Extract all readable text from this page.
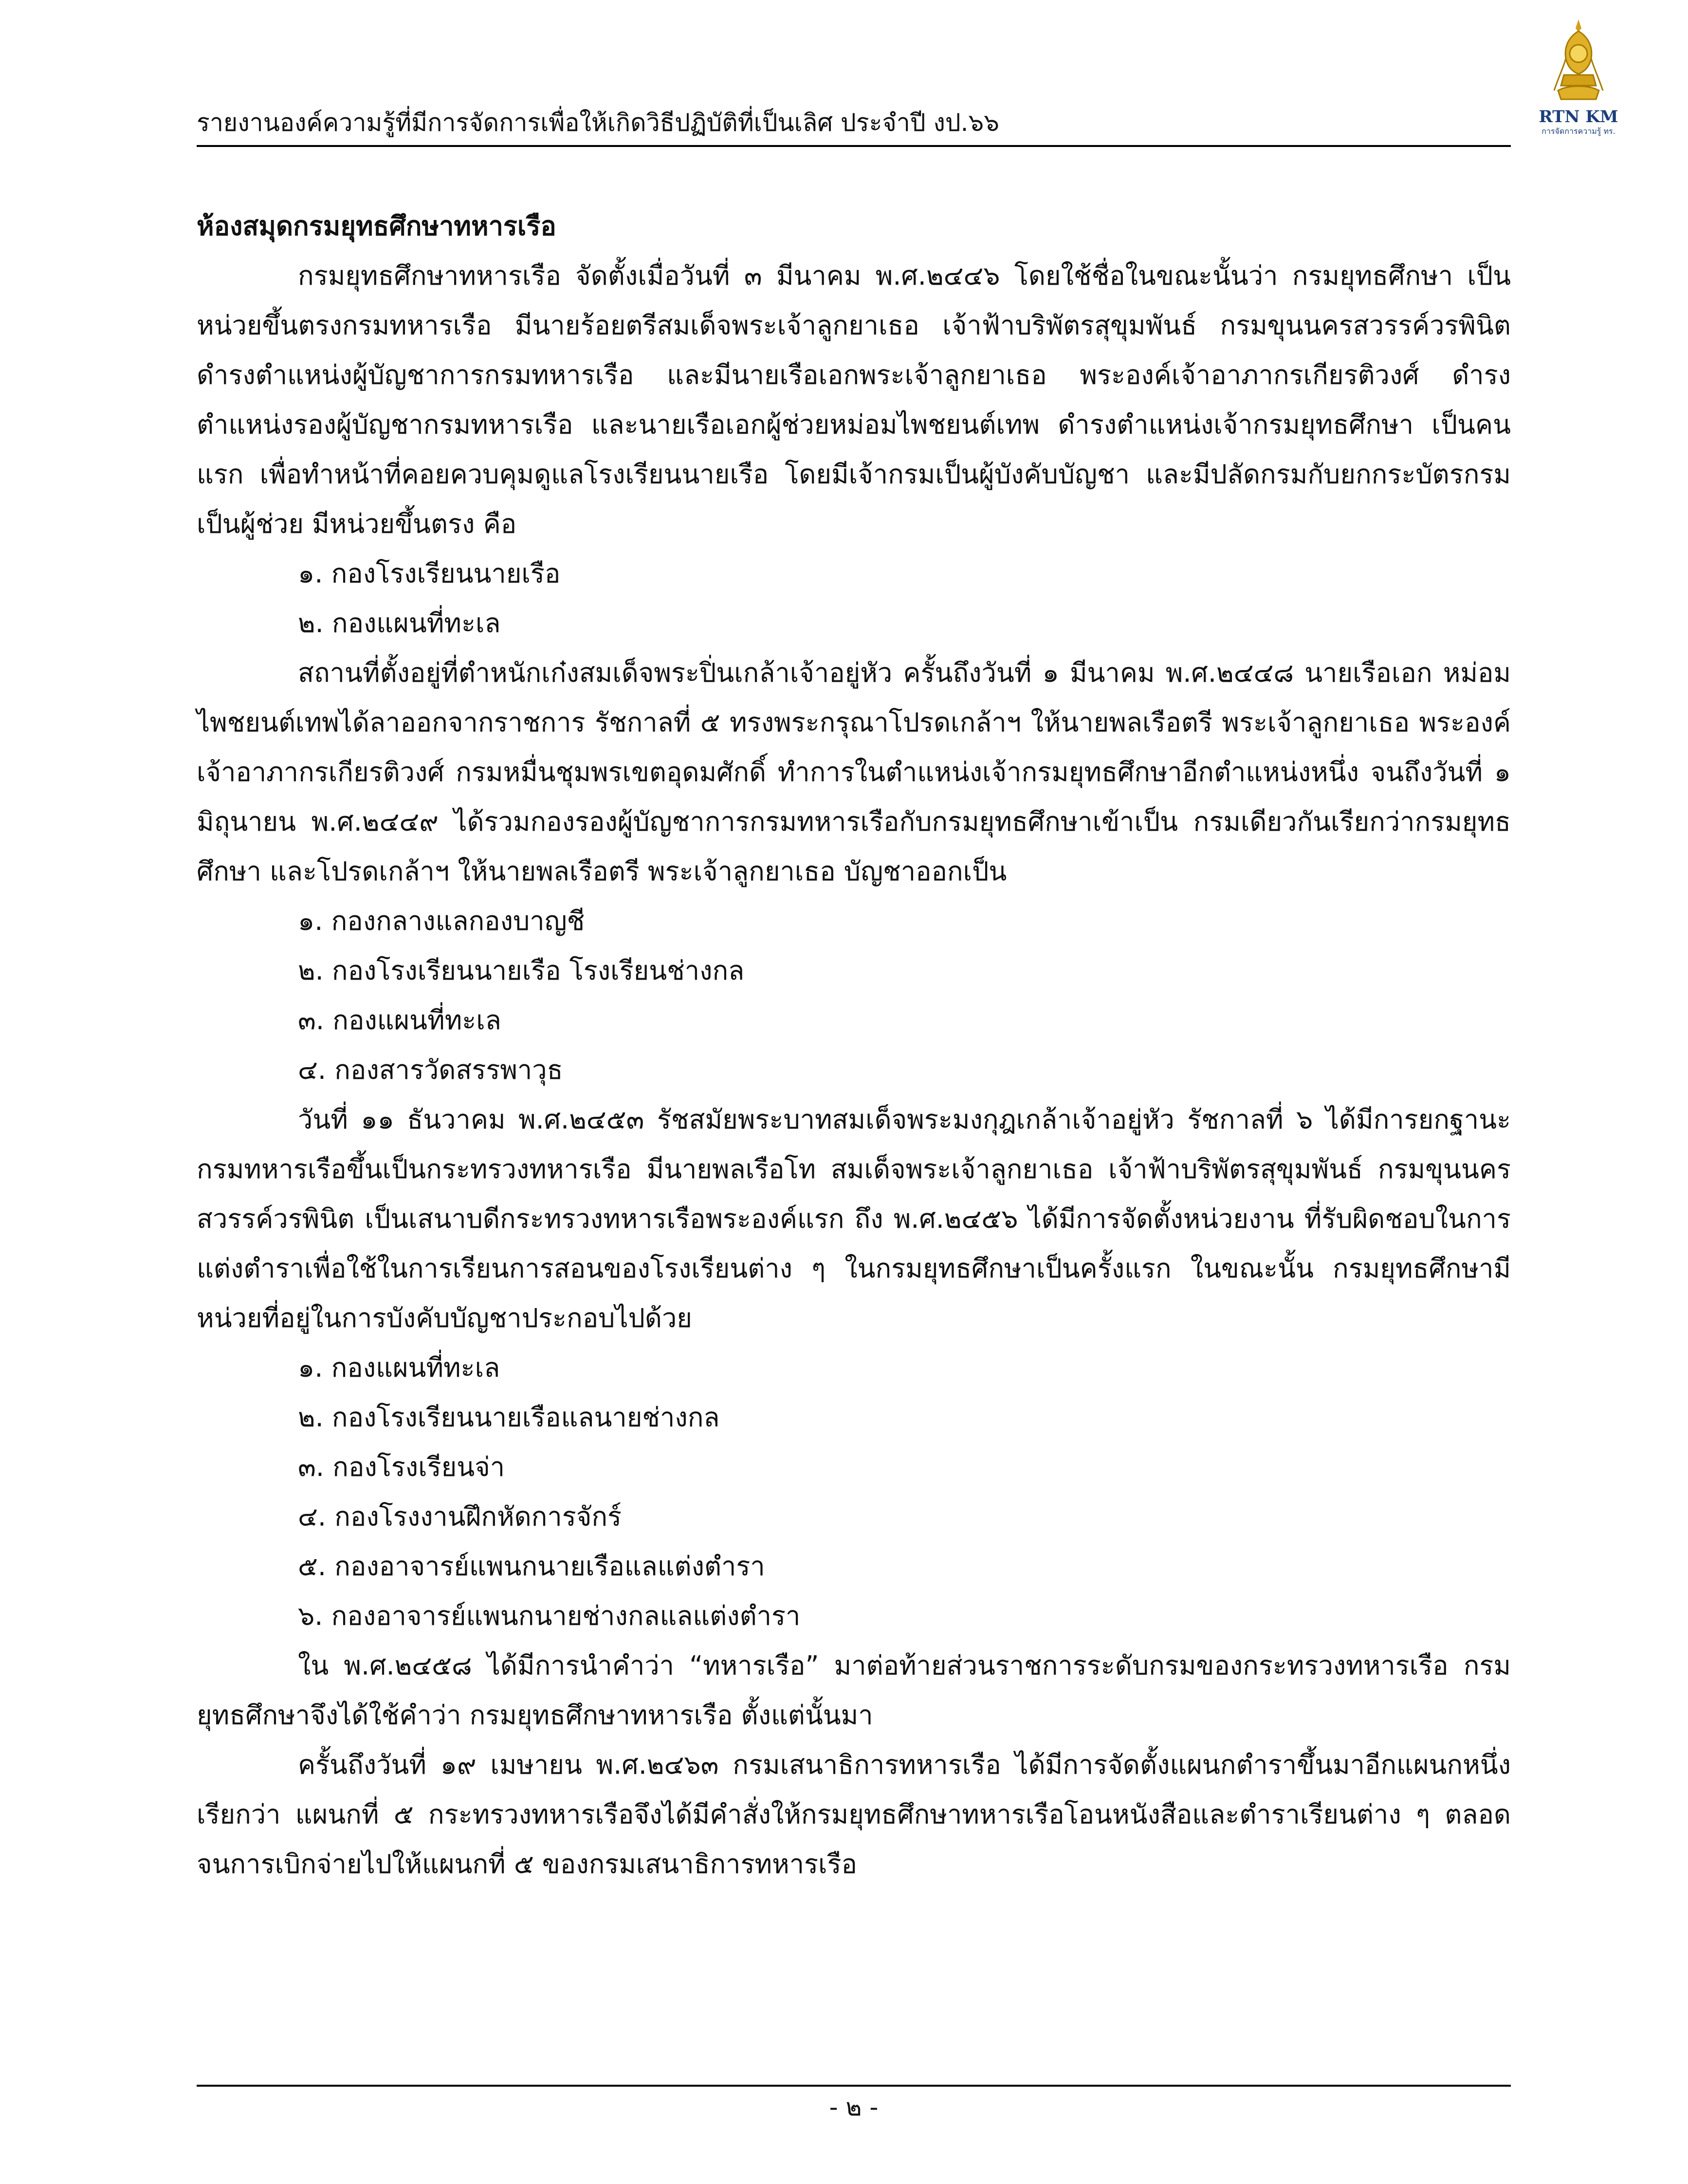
รายงานองค์ความรู้ที่มีการจัดการเพื่อให้เกิดวิธีปฏิบัติที่เป็นเลิศ ประจำปี งป.๖๖	RTN KM
การจัดการความรู้ ทร.
ห้องสมุดกรมยุทธศึกษาทหารเรือ

กรมยุทธศึกษาทหารเรือ จัดตั้งเมื่อวันที่ ๓ มีนาคม พ.ศ.๒๔๔๖ โดยใช้ชื่อในขณะนั้นว่า กรมยุทธศึกษา เป็นหน่วยขึ้นตรงกรมทหารเรือ มีนายร้อยตรีสมเด็จพระเจ้าลูกยาเธอ เจ้าฟ้าบริพัตรสุขุมพันธ์ กรมขุนนครสวรรค์วรพินิต ดำรงตำแหน่งผู้บัญชาการกรมทหารเรือ และมีนายเรือเอกพระเจ้าลูกยาเธอ พระองค์เจ้าอาภากรเกียรติวงศ์ ดำรงตำแหน่งรองผู้บัญชากรมทหารเรือ และนายเรือเอกผู้ช่วยหม่อมไพชยนต์เทพ ดำรงตำแหน่งเจ้ากรมยุทธศึกษา เป็นคนแรก เพื่อทำหน้าที่คอยควบคุมดูแลโรงเรียนนายเรือ โดยมีเจ้ากรมเป็นผู้บังคับบัญชา และมีปลัดกรมกับยกกระบัตรกรมเป็นผู้ช่วย มีหน่วยขึ้นตรง คือ

๑. กองโรงเรียนนายเรือ
๒. กองแผนที่ทะเล

สถานที่ตั้งอยู่ที่ตำหนักเก๋งสมเด็จพระปิ่นเกล้าเจ้าอยู่หัว ครั้นถึงวันที่ ๑ มีนาคม พ.ศ.๒๔๔๘ นายเรือเอก หม่อมไพชยนต์เทพได้ลาออกจากราชการ รัชกาลที่ ๕ ทรงพระกรุณาโปรดเกล้าฯ ให้นายพลเรือตรี พระเจ้าลูกยาเธอ พระองค์เจ้าอาภากรเกียรติวงศ์ กรมหมื่นชุมพรเขตอุดมศักดิ์ ทำการในตำแหน่งเจ้ากรมยุทธศึกษาอีกตำแหน่งหนึ่ง จนถึงวันที่ ๑ มิถุนายน พ.ศ.๒๔๔๙ ได้รวมกองรองผู้บัญชาการกรมทหารเรือกับกรมยุทธศึกษาเข้าเป็น กรมเดียวกันเรียกว่ากรมยุทธศึกษา และโปรดเกล้าฯ ให้นายพลเรือตรี พระเจ้าลูกยาเธอ บัญชาออกเป็น

๑. กองกลางแลกองบาญชี
๒. กองโรงเรียนนายเรือ โรงเรียนช่างกล
๓. กองแผนที่ทะเล
๔. กองสารวัดสรรพาวุธ

วันที่ ๑๑ ธันวาคม พ.ศ.๒๔๕๓ รัชสมัยพระบาทสมเด็จพระมงกุฎเกล้าเจ้าอยู่หัว รัชกาลที่ ๖ ได้มีการยกฐานะ กรมทหารเรือขึ้นเป็นกระทรวงทหารเรือ มีนายพลเรือโท สมเด็จพระเจ้าลูกยาเธอ เจ้าฟ้าบริพัตรสุขุมพันธ์ กรมขุนนครสวรรค์วรพินิต เป็นเสนาบดีกระทรวงทหารเรือพระองค์แรก ถึง พ.ศ.๒๔๕๖ ได้มีการจัดตั้งหน่วยงาน ที่รับผิดชอบในการแต่งตำราเพื่อใช้ในการเรียนการสอนของโรงเรียนต่าง ๆ ในกรมยุทธศึกษาเป็นครั้งแรก ในขณะนั้น กรมยุทธศึกษามีหน่วยที่อยู่ในการบังคับบัญชาประกอบไปด้วย

๑. กองแผนที่ทะเล
๒. กองโรงเรียนนายเรือแลนายช่างกล
๓. กองโรงเรียนจ่า
๔. กองโรงงานฝึกหัดการจักร์
๕. กองอาจารย์แพนกนายเรือแลแต่งตำรา
๖. กองอาจารย์แพนกนายช่างกลแลแต่งตำรา

ใน พ.ศ.๒๔๕๘ ได้มีการนำคำว่า “ทหารเรือ” มาต่อท้ายส่วนราชการระดับกรมของกระทรวงทหารเรือ กรมยุทธศึกษาจึงได้ใช้คำว่า กรมยุทธศึกษาทหารเรือ ตั้งแต่นั้นมา

ครั้นถึงวันที่ ๑๙ เมษายน พ.ศ.๒๔๖๓ กรมเสนาธิการทหารเรือ ได้มีการจัดตั้งแผนกตำราขึ้นมาอีกแผนกหนึ่ง เรียกว่า แผนกที่ ๕ กระทรวงทหารเรือจึงได้มีคำสั่งให้กรมยุทธศึกษาทหารเรือโอนหนังสือและตำราเรียนต่าง ๆ ตลอดจนการเบิกจ่ายไปให้แผนกที่ ๕ ของกรมเสนาธิการทหารเรือ

- ๒ -
